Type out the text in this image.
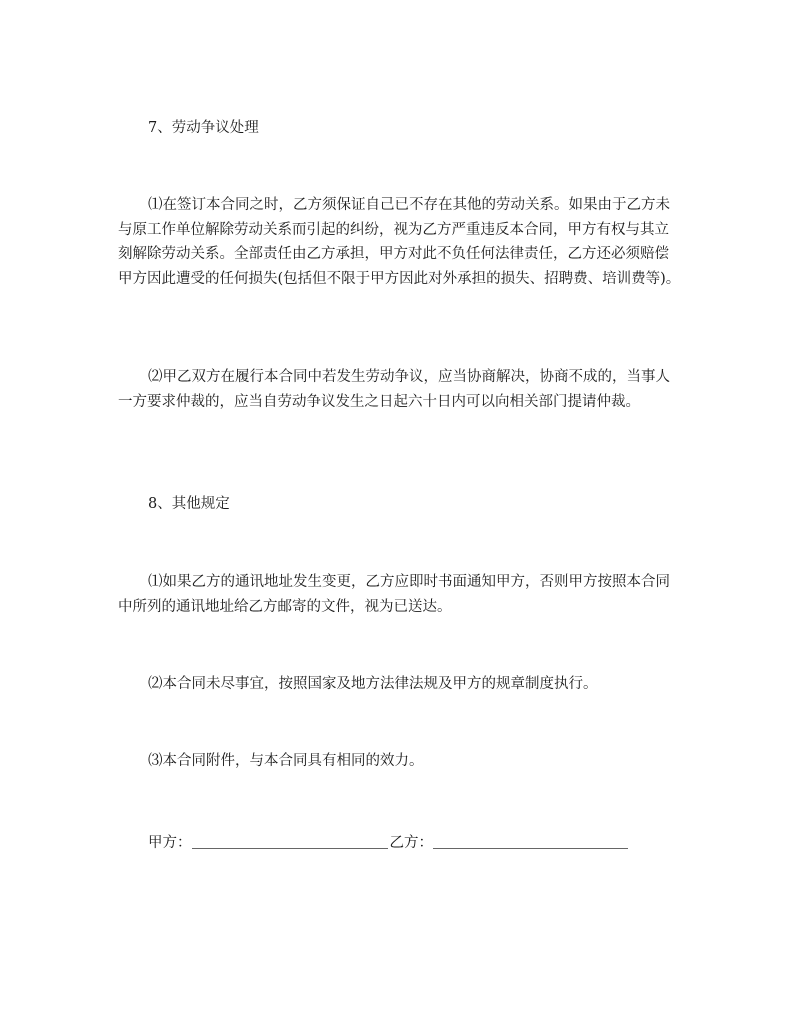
7、劳动争议处理

⑴在签订本合同之时，乙方须保证自己已不存在其他的劳动关系。如果由于乙方未与原工作单位解除劳动关系而引起的纠纷，视为乙方严重违反本合同，甲方有权与其立刻解除劳动关系。全部责任由乙方承担，甲方对此不负任何法律责任，乙方还必须赔偿甲方因此遭受的任何损失(包括但不限于甲方因此对外承担的损失、招聘费、培训费等)。

⑵甲乙双方在履行本合同中若发生劳动争议，应当协商解决，协商不成的，当事人一方要求仲裁的，应当自劳动争议发生之日起六十日内可以向相关部门提请仲裁。

8、其他规定

⑴如果乙方的通讯地址发生变更，乙方应即时书面通知甲方，否则甲方按照本合同中所列的通讯地址给乙方邮寄的文件，视为已送达。

⑵本合同未尽事宜，按照国家及地方法律法规及甲方的规章制度执行。

⑶本合同附件，与本合同具有相同的效力。

甲方：	乙方：
